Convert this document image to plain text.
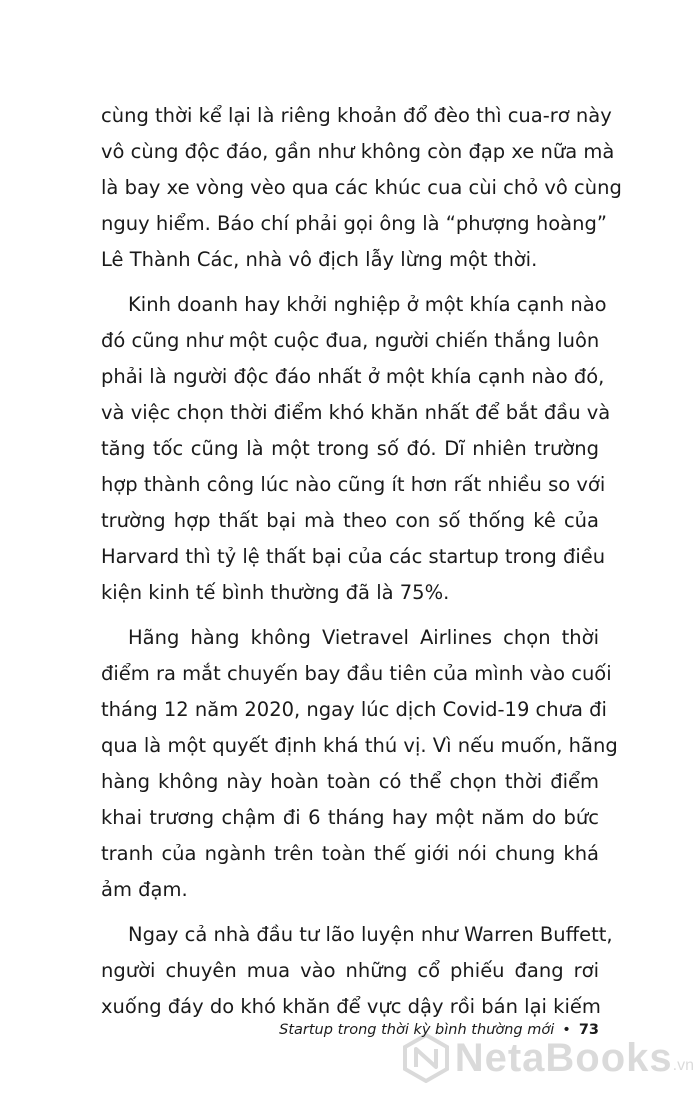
cùng thời kể lại là riêng khoản đổ đèo thì cua-rơ này
vô cùng độc đáo, gần như không còn đạp xe nữa mà
là bay xe vòng vèo qua các khúc cua cùi chỏ vô cùng
nguy hiểm. Báo chí phải gọi ông là “phượng hoàng”
Lê Thành Các, nhà vô địch lẫy lừng một thời.
Kinh doanh hay khởi nghiệp ở một khía cạnh nào
đó cũng như một cuộc đua, người chiến thắng luôn
phải là người độc đáo nhất ở một khía cạnh nào đó,
và việc chọn thời điểm khó khăn nhất để bắt đầu và
tăng tốc cũng là một trong số đó. Dĩ nhiên trường
hợp thành công lúc nào cũng ít hơn rất nhiều so với
trường hợp thất bại mà theo con số thống kê của
Harvard thì tỷ lệ thất bại của các startup trong điều
kiện kinh tế bình thường đã là 75%.
Hãng hàng không Vietravel Airlines chọn thời
điểm ra mắt chuyến bay đầu tiên của mình vào cuối
tháng 12 năm 2020, ngay lúc dịch Covid-19 chưa đi
qua là một quyết định khá thú vị. Vì nếu muốn, hãng
hàng không này hoàn toàn có thể chọn thời điểm
khai trương chậm đi 6 tháng hay một năm do bức
tranh của ngành trên toàn thế giới nói chung khá
ảm đạm.
Ngay cả nhà đầu tư lão luyện như Warren Buffett,
người chuyên mua vào những cổ phiếu đang rơi
xuống đáy do khó khăn để vực dậy rồi bán lại kiếm
Startup trong thời kỳ bình thường mới • 73
NetaBooks .vn
